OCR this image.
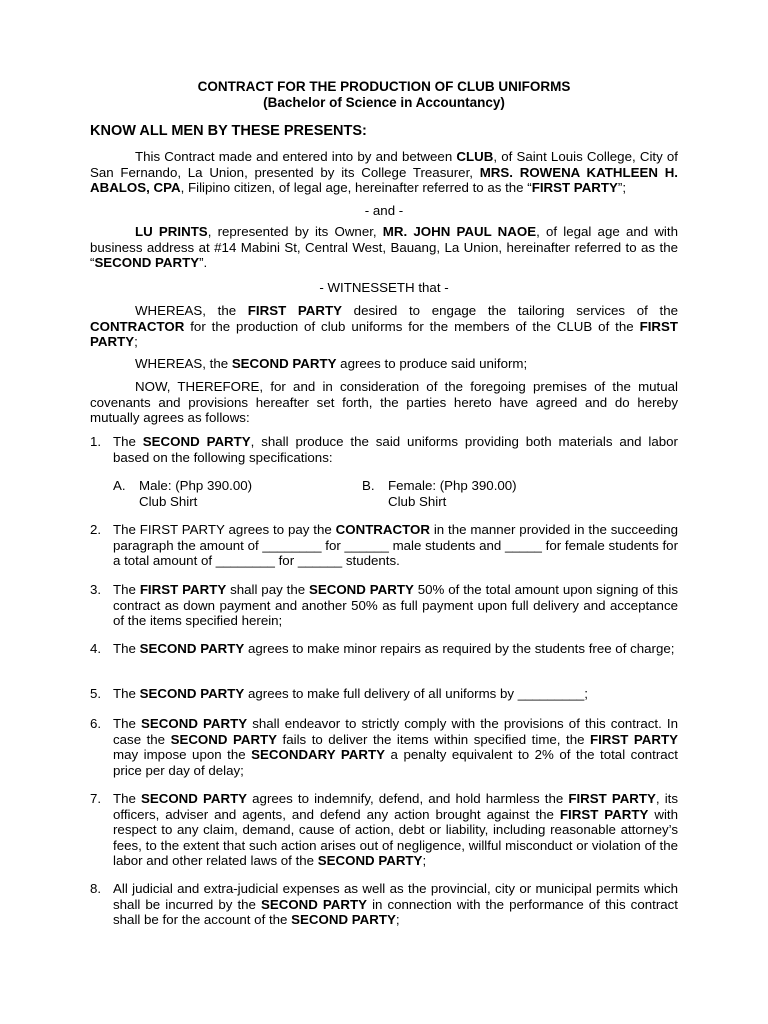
CONTRACT FOR THE PRODUCTION OF CLUB UNIFORMS
(Bachelor of Science in Accountancy)
KNOW ALL MEN BY THESE PRESENTS:
This Contract made and entered into by and between CLUB, of Saint Louis College, City of San Fernando, La Union, presented by its College Treasurer, MRS. ROWENA KATHLEEN H. ABALOS, CPA, Filipino citizen, of legal age, hereinafter referred to as the “FIRST PARTY”;
- and -
LU PRINTS, represented by its Owner, MR. JOHN PAUL NAOE, of legal age and with business address at #14 Mabini St, Central West, Bauang, La Union, hereinafter referred to as the “SECOND PARTY”.
- WITNESSETH that -
WHEREAS, the FIRST PARTY desired to engage the tailoring services of the CONTRACTOR for the production of club uniforms for the members of the CLUB of the FIRST PARTY;
WHEREAS, the SECOND PARTY agrees to produce said uniform;
NOW, THEREFORE, for and in consideration of the foregoing premises of the mutual covenants and provisions hereafter set forth, the parties hereto have agreed and do hereby mutually agrees as follows:
1. The SECOND PARTY, shall produce the said uniforms providing both materials and labor based on the following specifications:
A. Male: (Php 390.00)
Club Shirt
B. Female: (Php 390.00)
Club Shirt
2. The FIRST PARTY agrees to pay the CONTRACTOR in the manner provided in the succeeding paragraph the amount of ________ for ______ male students and _____ for female students for a total amount of ________ for ______ students.
3. The FIRST PARTY shall pay the SECOND PARTY 50% of the total amount upon signing of this contract as down payment and another 50% as full payment upon full delivery and acceptance of the items specified herein;
4. The SECOND PARTY agrees to make minor repairs as required by the students free of charge;
5. The SECOND PARTY agrees to make full delivery of all uniforms by _________;
6. The SECOND PARTY shall endeavor to strictly comply with the provisions of this contract. In case the SECOND PARTY fails to deliver the items within specified time, the FIRST PARTY may impose upon the SECONDARY PARTY a penalty equivalent to 2% of the total contract price per day of delay;
7. The SECOND PARTY agrees to indemnify, defend, and hold harmless the FIRST PARTY, its officers, adviser and agents, and defend any action brought against the FIRST PARTY with respect to any claim, demand, cause of action, debt or liability, including reasonable attorney’s fees, to the extent that such action arises out of negligence, willful misconduct or violation of the labor and other related laws of the SECOND PARTY;
8. All judicial and extra-judicial expenses as well as the provincial, city or municipal permits which shall be incurred by the SECOND PARTY in connection with the performance of this contract shall be for the account of the SECOND PARTY;
